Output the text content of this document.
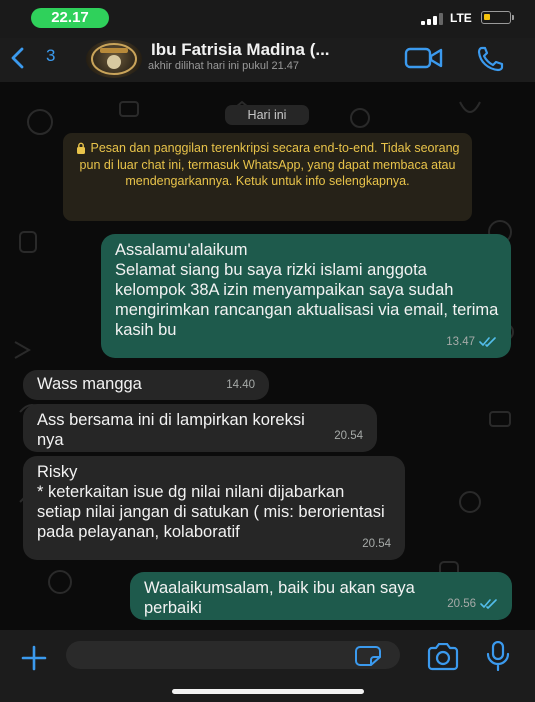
22.17	LTE
3	Ibu Fatrisia Madina (...
akhir dilihat hari ini pukul 21.47
Hari ini
Pesan dan panggilan terenkripsi secara end-to-end. Tidak seorang pun di luar chat ini, termasuk WhatsApp, yang dapat membaca atau mendengarkannya. Ketuk untuk info selengkapnya.
Assalamu'alaikum
Selamat siang bu saya rizki islami anggota kelompok 38A izin menyampaikan saya sudah mengirimkan rancangan aktualisasi via email, terima kasih bu
13.47
Wass mangga	14.40
Ass bersama ini di lampirkan koreksi nya	20.54
Risky
* keterkaitan isue dg nilai nilani dijabarkan setiap nilai jangan di satukan ( mis: berorientasi pada pelayanan, kolaboratif
20.54
Waalaikumsalam, baik ibu akan saya perbaiki	20.56
